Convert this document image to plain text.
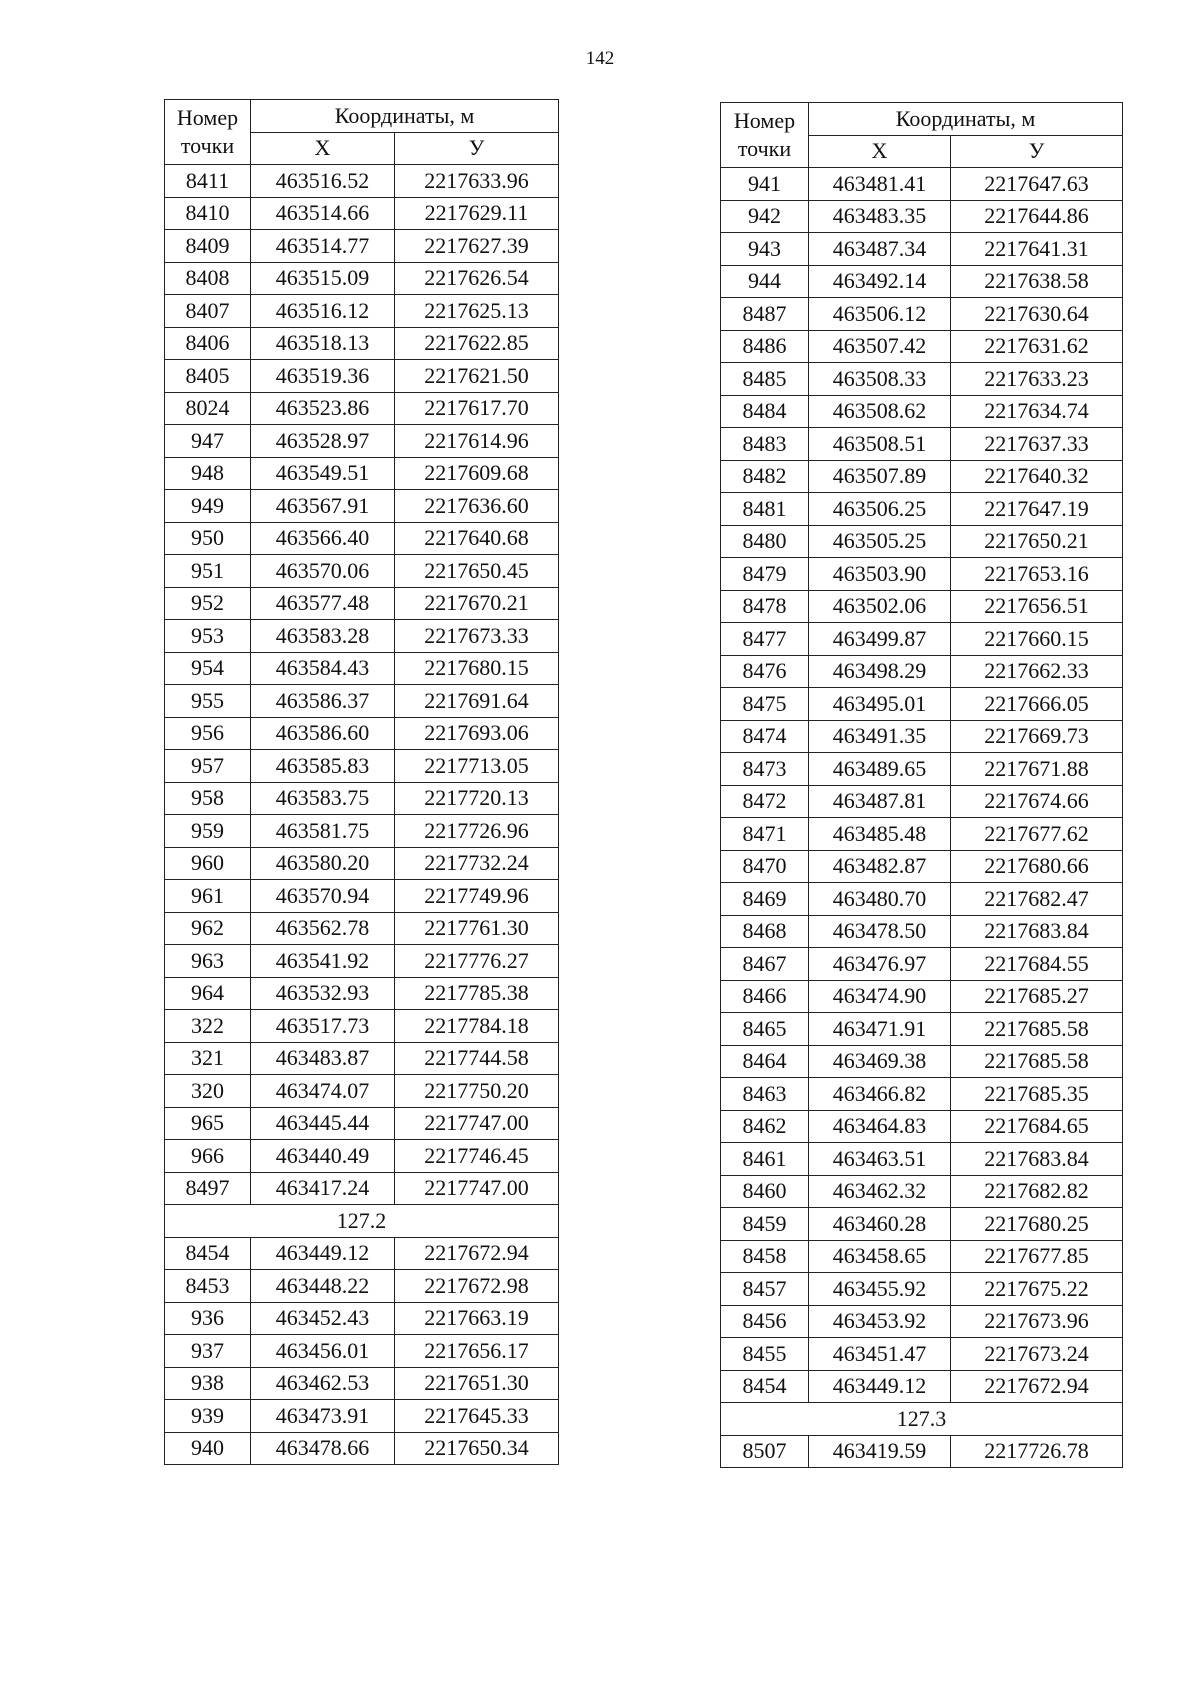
142
Номер
точки	Координаты, м	
	Х	У
8411	463516.52	2217633.96
8410	463514.66	2217629.11
8409	463514.77	2217627.39
8408	463515.09	2217626.54
8407	463516.12	2217625.13
8406	463518.13	2217622.85
8405	463519.36	2217621.50
8024	463523.86	2217617.70
947	463528.97	2217614.96
948	463549.51	2217609.68
949	463567.91	2217636.60
950	463566.40	2217640.68
951	463570.06	2217650.45
952	463577.48	2217670.21
953	463583.28	2217673.33
954	463584.43	2217680.15
955	463586.37	2217691.64
956	463586.60	2217693.06
957	463585.83	2217713.05
958	463583.75	2217720.13
959	463581.75	2217726.96
960	463580.20	2217732.24
961	463570.94	2217749.96
962	463562.78	2217761.30
963	463541.92	2217776.27
964	463532.93	2217785.38
322	463517.73	2217784.18
321	463483.87	2217744.58
320	463474.07	2217750.20
965	463445.44	2217747.00
966	463440.49	2217746.45
8497	463417.24	2217747.00
127.2		
8454	463449.12	2217672.94
8453	463448.22	2217672.98
936	463452.43	2217663.19
937	463456.01	2217656.17
938	463462.53	2217651.30
939	463473.91	2217645.33
940	463478.66	2217650.34
Номер
точки	Координаты, м	
	Х	У
941	463481.41	2217647.63
942	463483.35	2217644.86
943	463487.34	2217641.31
944	463492.14	2217638.58
8487	463506.12	2217630.64
8486	463507.42	2217631.62
8485	463508.33	2217633.23
8484	463508.62	2217634.74
8483	463508.51	2217637.33
8482	463507.89	2217640.32
8481	463506.25	2217647.19
8480	463505.25	2217650.21
8479	463503.90	2217653.16
8478	463502.06	2217656.51
8477	463499.87	2217660.15
8476	463498.29	2217662.33
8475	463495.01	2217666.05
8474	463491.35	2217669.73
8473	463489.65	2217671.88
8472	463487.81	2217674.66
8471	463485.48	2217677.62
8470	463482.87	2217680.66
8469	463480.70	2217682.47
8468	463478.50	2217683.84
8467	463476.97	2217684.55
8466	463474.90	2217685.27
8465	463471.91	2217685.58
8464	463469.38	2217685.58
8463	463466.82	2217685.35
8462	463464.83	2217684.65
8461	463463.51	2217683.84
8460	463462.32	2217682.82
8459	463460.28	2217680.25
8458	463458.65	2217677.85
8457	463455.92	2217675.22
8456	463453.92	2217673.96
8455	463451.47	2217673.24
8454	463449.12	2217672.94
127.3		
8507	463419.59	2217726.78
